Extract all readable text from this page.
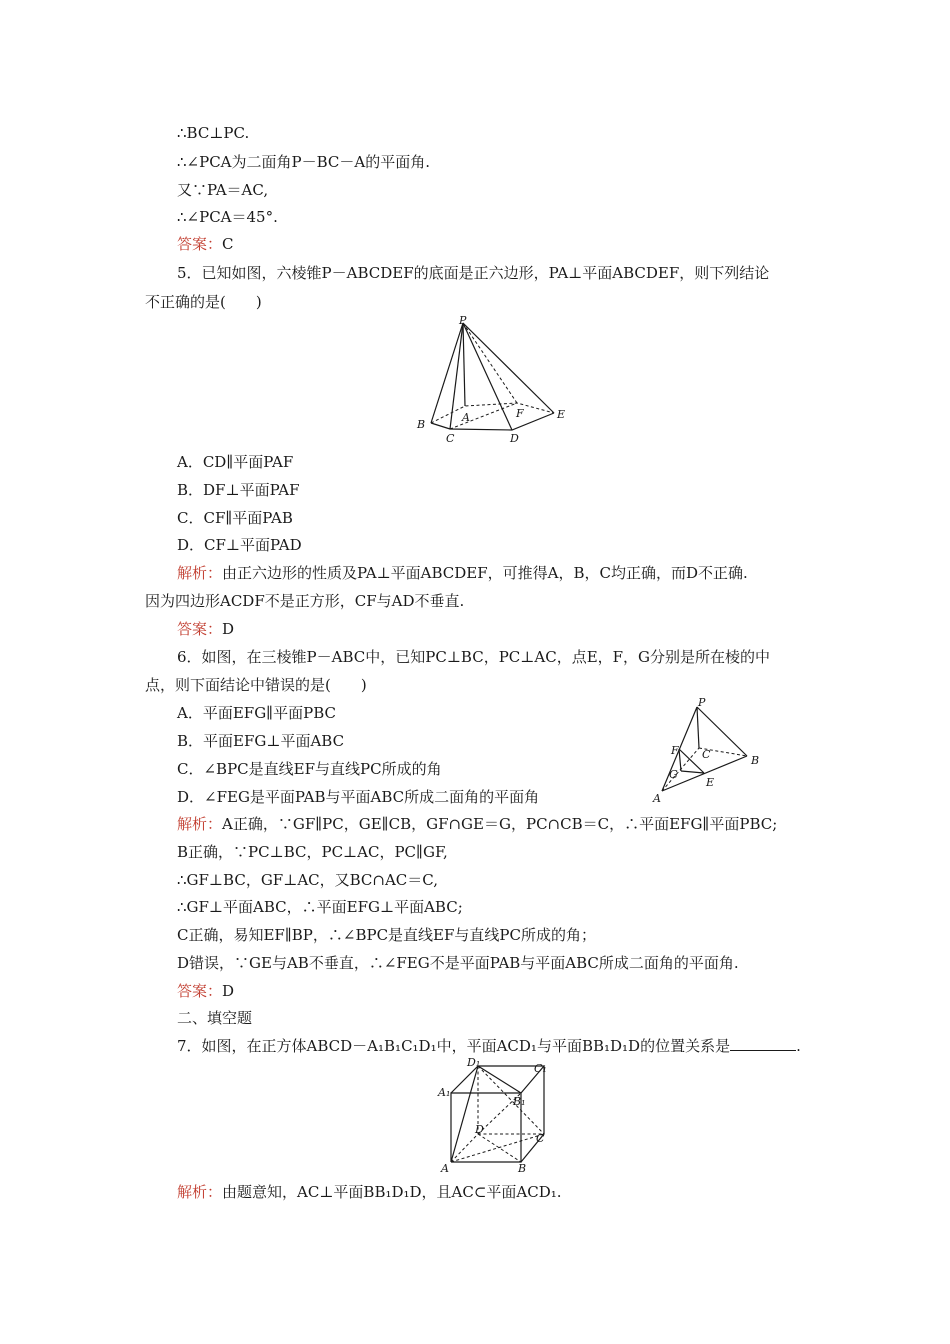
∴BC⊥PC.
∴∠PCA为二面角P－BC－A的平面角.
又∵PA＝AC,
∴∠PCA＝45°.
答案：C
5．已知如图，六棱锥P－ABCDEF的底面是正六边形，PA⊥平面ABCDEF，则下列结论
不正确的是(　　)
P
B
C
A
D
F	E
A．CD∥平面PAF
B．DF⊥平面PAF
C．CF∥平面PAB
D．CF⊥平面PAD
解析：由正六边形的性质及PA⊥平面ABCDEF，可推得A，B，C均正确，而D不正确.
因为四边形ACDF不是正方形，CF与AD不垂直.
答案：D
6．如图，在三棱锥P－ABC中，已知PC⊥BC，PC⊥AC，点E，F，G分别是所在棱的中
点，则下面结论中错误的是(　　)
A．平面EFG∥平面PBC
B．平面EFG⊥平面ABC
C．∠BPC是直线EF与直线PC所成的角
D．∠FEG是平面PAB与平面ABC所成二面角的平面角
P
F C	B
G
E
A
解析：A正确，∵GF∥PC，GE∥CB，GF∩GE＝G，PC∩CB＝C，∴平面EFG∥平面PBC;
B正确，∵PC⊥BC，PC⊥AC，PC∥GF,
∴GF⊥BC，GF⊥AC，又BC∩AC＝C,
∴GF⊥平面ABC，∴平面EFG⊥平面ABC;
C正确，易知EF∥BP，∴∠BPC是直线EF与直线PC所成的角；
D错误，∵GE与AB不垂直，∴∠FEG不是平面PAB与平面ABC所成二面角的平面角.
答案：D
二、填空题
7．如图，在正方体ABCD－A₁B₁C₁D₁中，平面ACD₁与平面BB₁D₁D的位置关系是	.
D₁	C₁
A₁
B₁
D
C
A	B
解析：由题意知，AC⊥平面BB₁D₁D，且AC⊂平面ACD₁.
